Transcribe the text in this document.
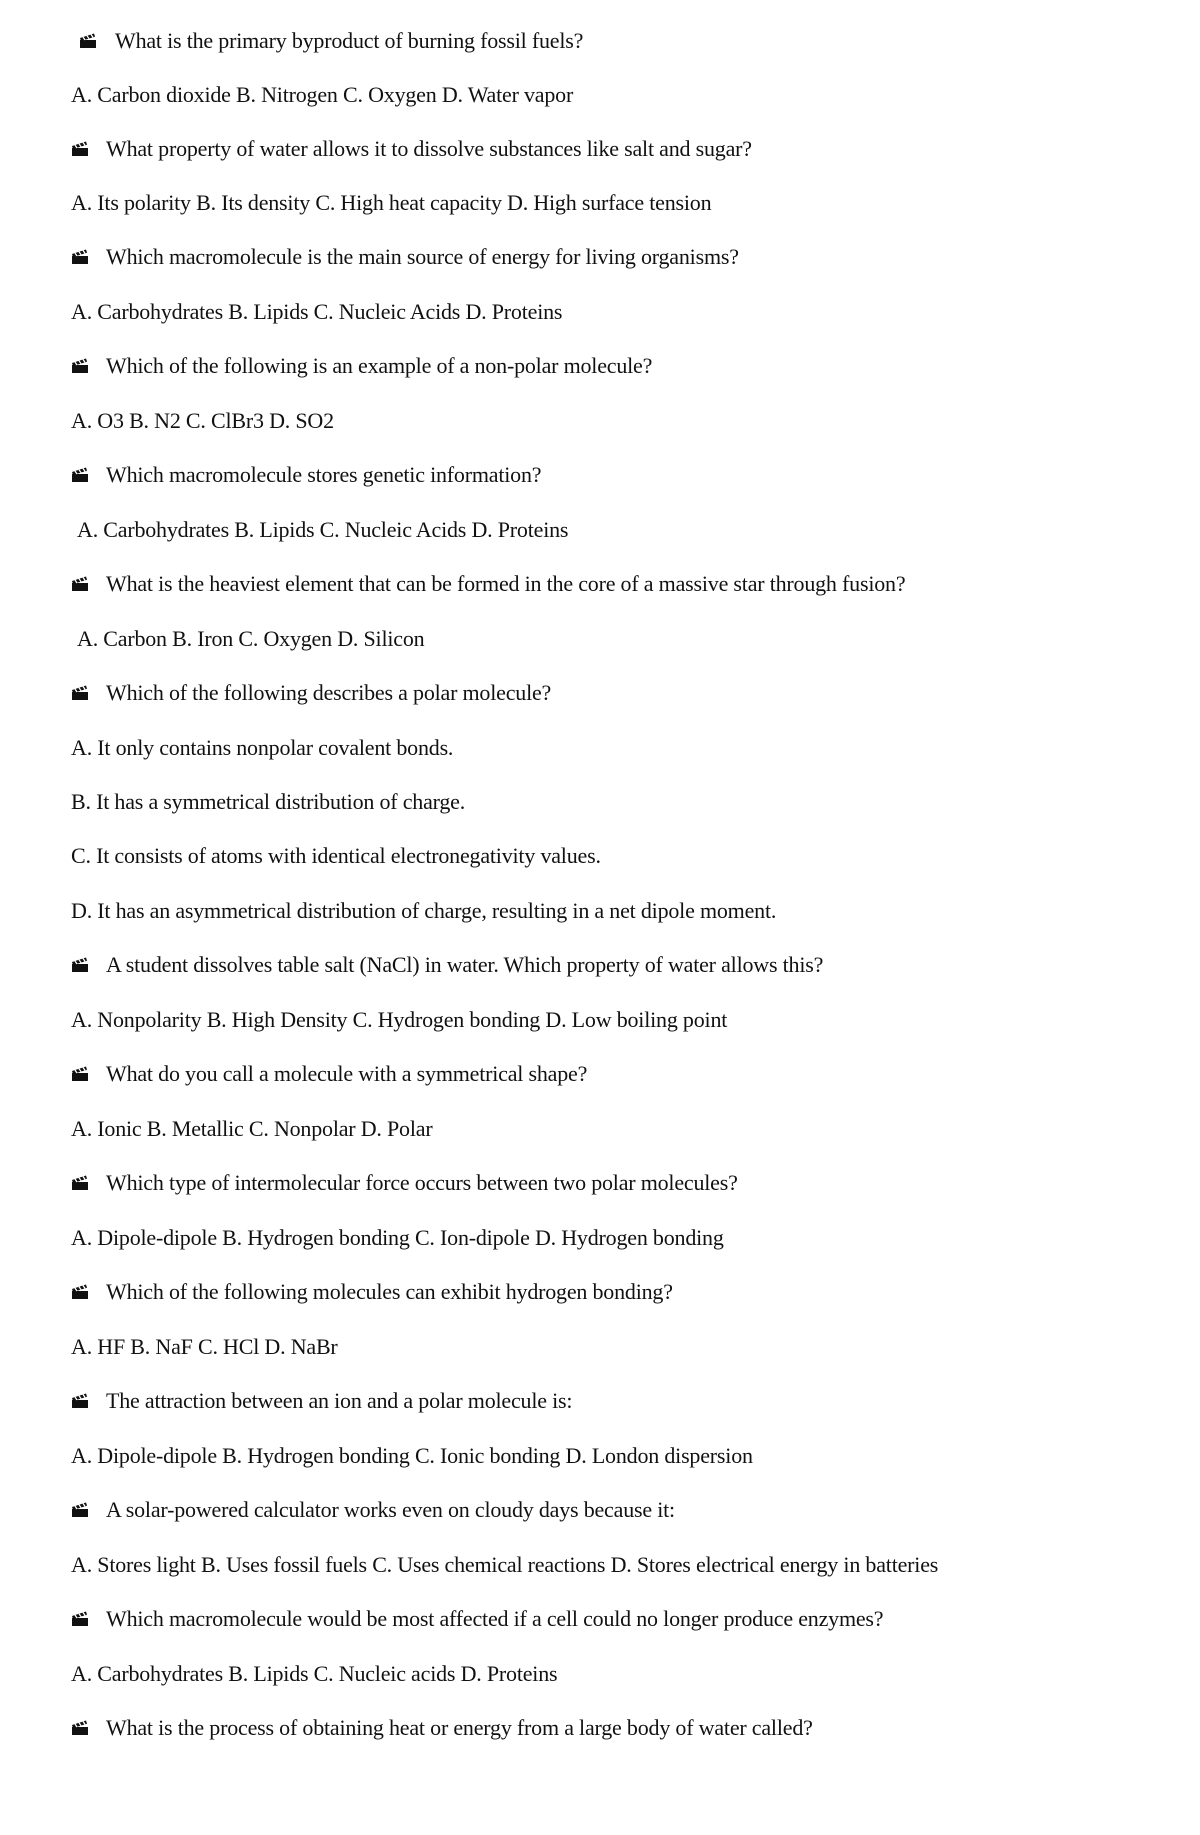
What is the primary byproduct of burning fossil fuels?
A. Carbon dioxide B. Nitrogen C. Oxygen D. Water vapor
What property of water allows it to dissolve substances like salt and sugar?
A. Its polarity B. Its density C. High heat capacity D. High surface tension
Which macromolecule is the main source of energy for living organisms?
A. Carbohydrates B. Lipids C. Nucleic Acids D. Proteins
Which of the following is an example of a non-polar molecule?
A. O3 B. N2 C. ClBr3 D. SO2
Which macromolecule stores genetic information?
A. Carbohydrates B. Lipids C. Nucleic Acids D. Proteins
What is the heaviest element that can be formed in the core of a massive star through fusion?
A. Carbon B. Iron C. Oxygen D. Silicon
Which of the following describes a polar molecule?
A. It only contains nonpolar covalent bonds.
B. It has a symmetrical distribution of charge.
C. It consists of atoms with identical electronegativity values.
D. It has an asymmetrical distribution of charge, resulting in a net dipole moment.
A student dissolves table salt (NaCl) in water. Which property of water allows this?
A. Nonpolarity B. High Density C. Hydrogen bonding D. Low boiling point
What do you call a molecule with a symmetrical shape?
A. Ionic B. Metallic C. Nonpolar D. Polar
Which type of intermolecular force occurs between two polar molecules?
A. Dipole-dipole B. Hydrogen bonding C. Ion-dipole D. Hydrogen bonding
Which of the following molecules can exhibit hydrogen bonding?
A. HF B. NaF C. HCl D. NaBr
The attraction between an ion and a polar molecule is:
A. Dipole-dipole B. Hydrogen bonding C. Ionic bonding D. London dispersion
A solar-powered calculator works even on cloudy days because it:
A. Stores light B. Uses fossil fuels C. Uses chemical reactions D. Stores electrical energy in batteries
Which macromolecule would be most affected if a cell could no longer produce enzymes?
A. Carbohydrates B. Lipids C. Nucleic acids D. Proteins
What is the process of obtaining heat or energy from a large body of water called?
